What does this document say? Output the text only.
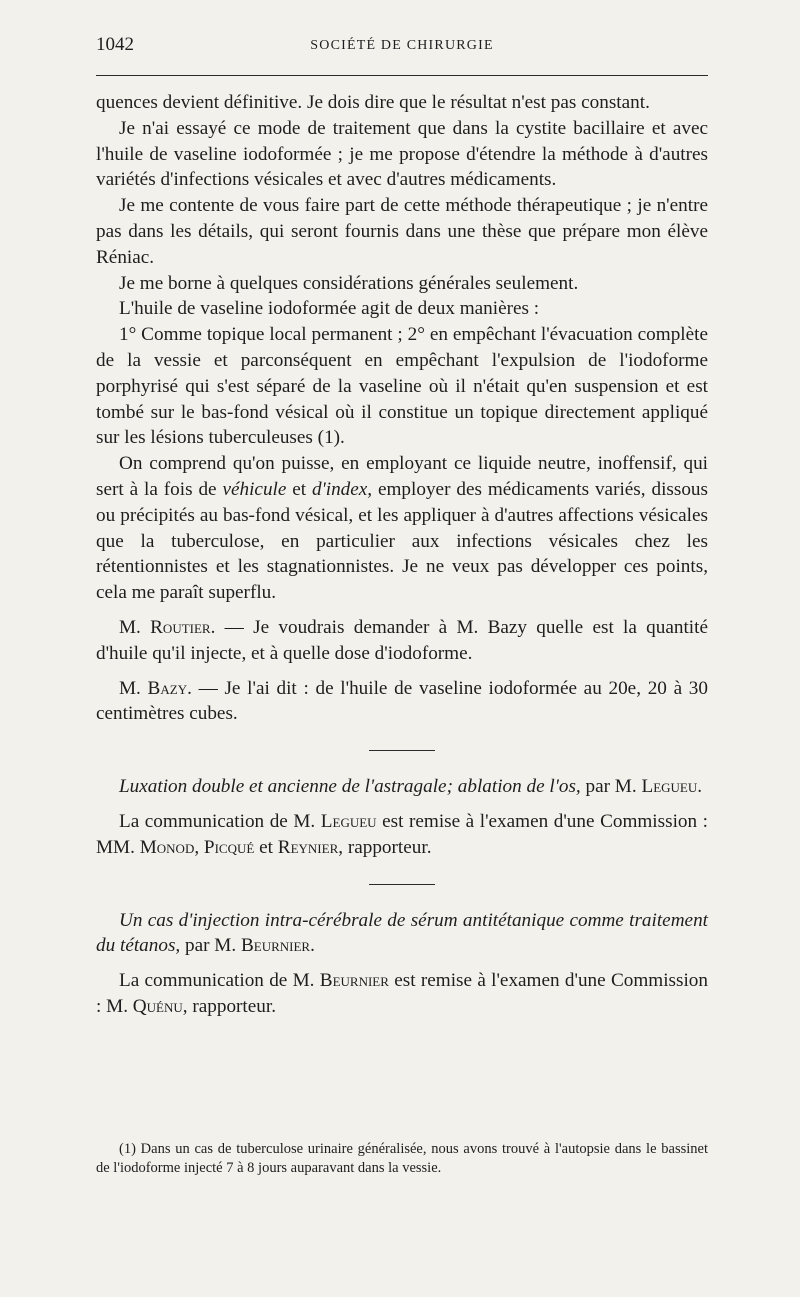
1042	SOCIÉTÉ DE CHIRURGIE

quences devient définitive. Je dois dire que le résultat n'est pas constant.

Je n'ai essayé ce mode de traitement que dans la cystite bacillaire et avec l'huile de vaseline iodoformée ; je me propose d'étendre la méthode à d'autres variétés d'infections vésicales et avec d'autres médicaments.

Je me contente de vous faire part de cette méthode thérapeutique ; je n'entre pas dans les détails, qui seront fournis dans une thèse que prépare mon élève Réniac.

Je me borne à quelques considérations générales seulement.

L'huile de vaseline iodoformée agit de deux manières :

1° Comme topique local permanent ; 2° en empêchant l'évacuation complète de la vessie et parconséquent en empêchant l'expulsion de l'iodoforme porphyrisé qui s'est séparé de la vaseline où il n'était qu'en suspension et est tombé sur le bas-fond vésical où il constitue un topique directement appliqué sur les lésions tuberculeuses (1).

On comprend qu'on puisse, en employant ce liquide neutre, inoffensif, qui sert à la fois de véhicule et d'index, employer des médicaments variés, dissous ou précipités au bas-fond vésical, et les appliquer à d'autres affections vésicales que la tuberculose, en particulier aux infections vésicales chez les rétentionnistes et les stagnationnistes. Je ne veux pas développer ces points, cela me paraît superflu.

M. Routier. — Je voudrais demander à M. Bazy quelle est la quantité d'huile qu'il injecte, et à quelle dose d'iodoforme.

M. Bazy. — Je l'ai dit : de l'huile de vaseline iodoformée au 20e, 20 à 30 centimètres cubes.

Luxation double et ancienne de l'astragale; ablation de l'os, par M. Legueu.

La communication de M. Legueu est remise à l'examen d'une Commission : MM. Monod, Picqué et Reynier, rapporteur.

Un cas d'injection intra-cérébrale de sérum antitétanique comme traitement du tétanos, par M. Beurnier.

La communication de M. Beurnier est remise à l'examen d'une Commission : M. Quénu, rapporteur.

(1) Dans un cas de tuberculose urinaire généralisée, nous avons trouvé à l'autopsie dans le bassinet de l'iodoforme injecté 7 à 8 jours auparavant dans la vessie.
